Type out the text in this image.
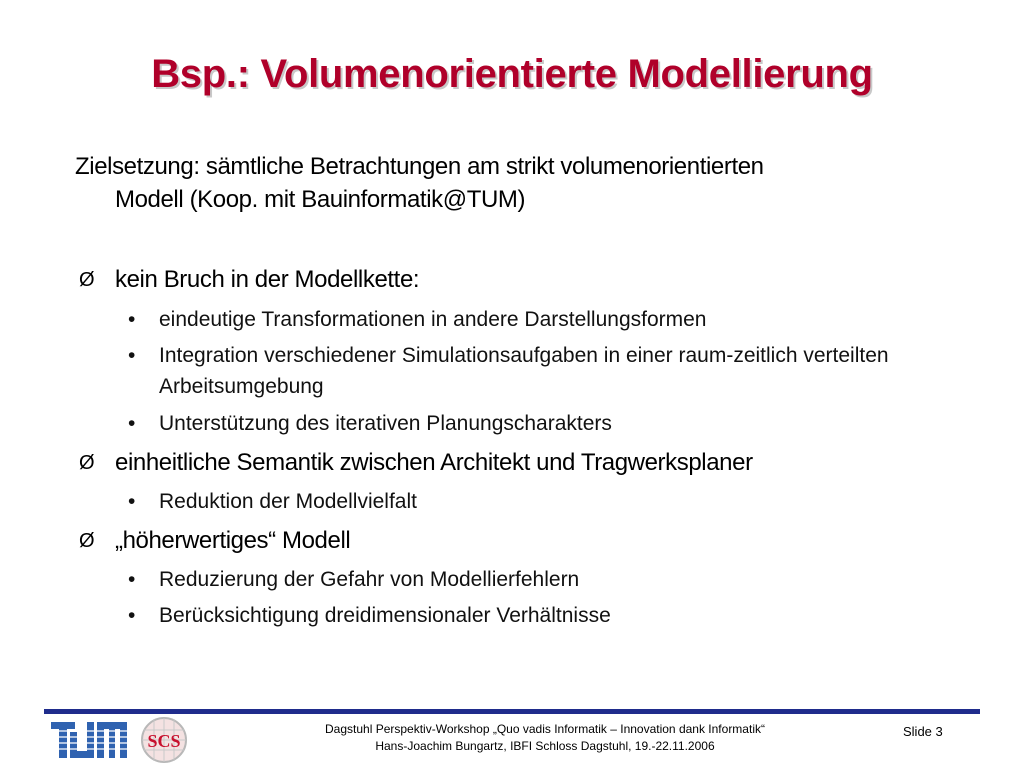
Bsp.: Volumenorientierte Modellierung
Zielsetzung: sämtliche Betrachtungen am strikt volumenorientierten
Modell (Koop. mit Bauinformatik@TUM)
Ø kein Bruch in der Modellkette:
• eindeutige Transformationen in andere Darstellungsformen
• Integration verschiedener Simulationsaufgaben in einer raum-zeitlich verteilten Arbeitsumgebung
• Unterstützung des iterativen Planungscharakters
Ø einheitliche Semantik zwischen Architekt und Tragwerksplaner
• Reduktion der Modellvielfalt
Ø „höherwertiges“ Modell
• Reduzierung der Gefahr von Modellierfehlern
• Berücksichtigung dreidimensionaler Verhältnisse
SCS
Dagstuhl Perspektiv-Workshop „Quo vadis Informatik – Innovation dank Informatik“
Hans-Joachim Bungartz, IBFI Schloss Dagstuhl, 19.-22.11.2006
Slide 3
